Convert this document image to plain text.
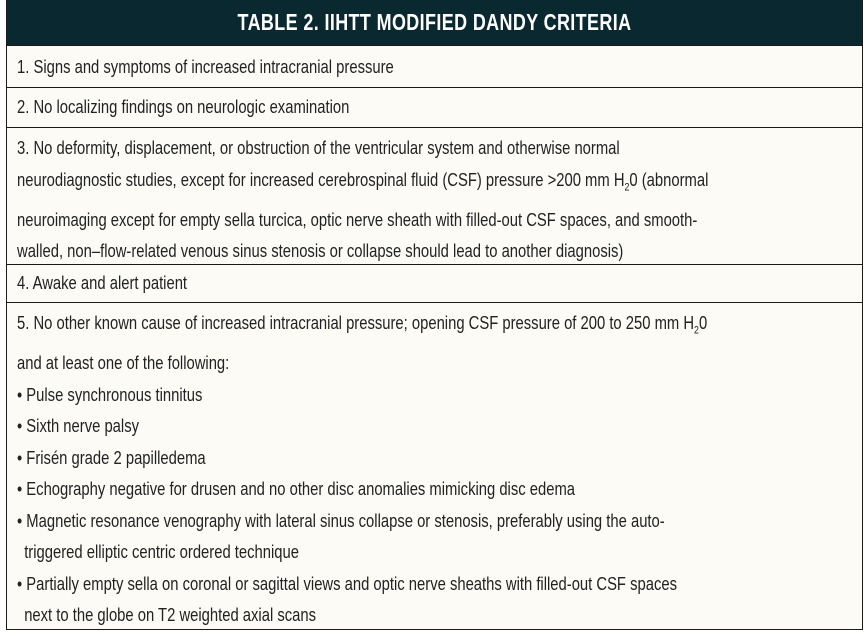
TABLE 2. IIHTT MODIFIED DANDY CRITERIA
1. Signs and symptoms of increased intracranial pressure
2. No localizing findings on neurologic examination
3. No deformity, displacement, or obstruction of the ventricular system and otherwise normal
neurodiagnostic studies, except for increased cerebrospinal fluid (CSF) pressure >200 mm $H_20$ (abnormal
neuroimaging except for empty sella turcica, optic nerve sheath with filled-out CSF spaces, and smooth-
walled, non–flow-related venous sinus stenosis or collapse should lead to another diagnosis)
4. Awake and alert patient
5. No other known cause of increased intracranial pressure; opening CSF pressure of 200 to 250 mm $H_20$
and at least one of the following:
• Pulse synchronous tinnitus
• Sixth nerve palsy
• Frisén grade 2 papilledema
• Echography negative for drusen and no other disc anomalies mimicking disc edema
• Magnetic resonance venography with lateral sinus collapse or stenosis, preferably using the auto-
triggered elliptic centric ordered technique
• Partially empty sella on coronal or sagittal views and optic nerve sheaths with filled-out CSF spaces
next to the globe on T2 weighted axial scans
